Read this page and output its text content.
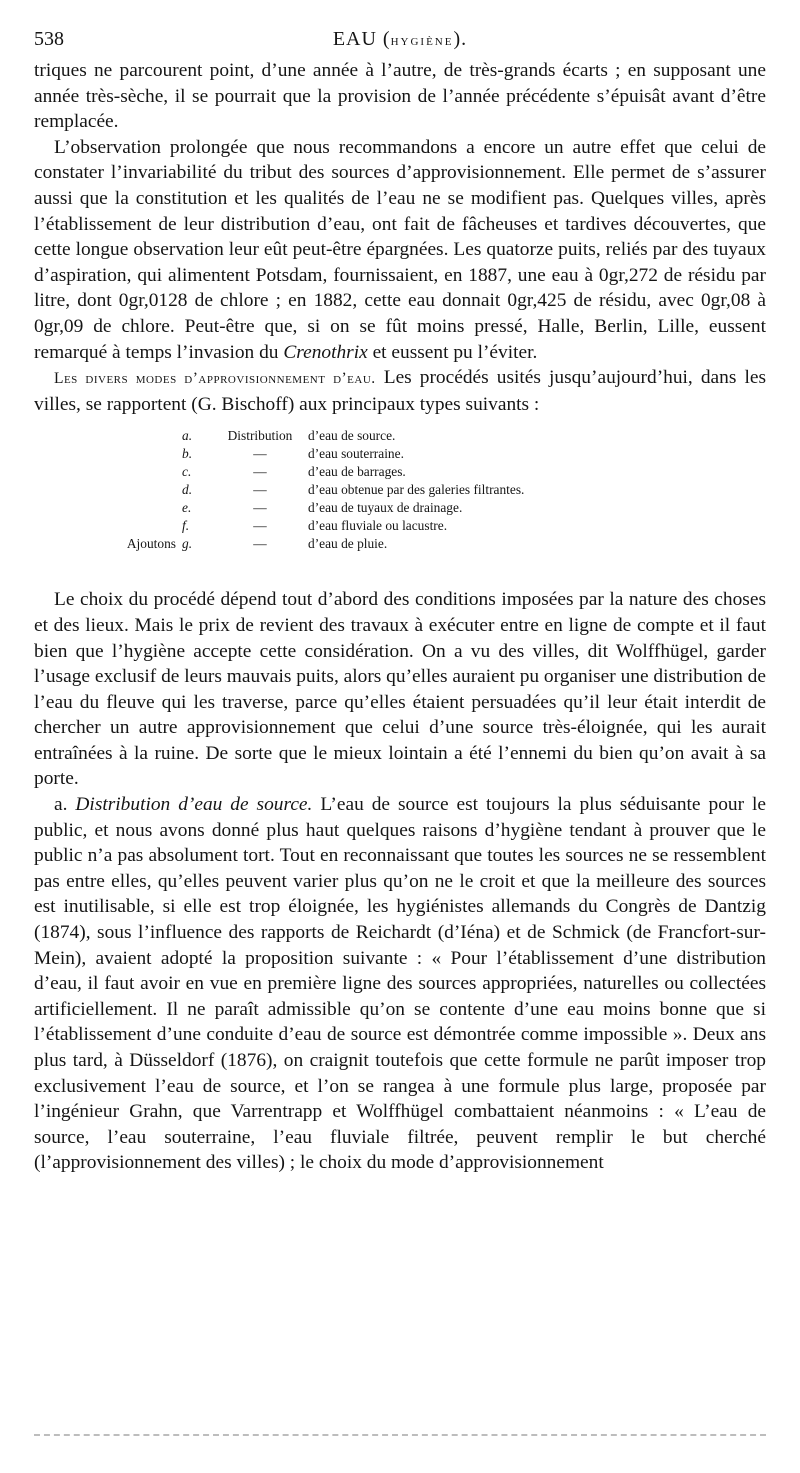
538	EAU (hygiène).

triques ne parcourent point, d’une année à l’autre, de très-grands écarts ; en supposant une année très-sèche, il se pourrait que la provision de l’année précédente s’épuisât avant d’être remplacée.

L’observation prolongée que nous recommandons a encore un autre effet que celui de constater l’invariabilité du tribut des sources d’approvisionnement. Elle permet de s’assurer aussi que la constitution et les qualités de l’eau ne se modifient pas. Quelques villes, après l’établissement de leur distribution d’eau, ont fait de fâcheuses et tardives découvertes, que cette longue observation leur eût peut-être épargnées. Les quatorze puits, reliés par des tuyaux d’aspiration, qui alimentent Potsdam, fournissaient, en 1887, une eau à 0gr,272 de résidu par litre, dont 0gr,0128 de chlore ; en 1882, cette eau donnait 0gr,425 de résidu, avec 0gr,08 à 0gr,09 de chlore. Peut-être que, si on se fût moins pressé, Halle, Berlin, Lille, eussent remarqué à temps l’invasion du Crenothrix et eussent pu l’éviter.

Les divers modes d’approvisionnement d’eau. Les procédés usités jusqu’aujourd’hui, dans les villes, se rapportent (G. Bischoff) aux principaux types suivants :

a.	Distribution	d’eau de source.
b.	—	d’eau souterraine.
c.	—	d’eau de barrages.
d.	—	d’eau obtenue par des galeries filtrantes.
e.	—	d’eau de tuyaux de drainage.
f.	—	d’eau fluviale ou lacustre.
Ajoutons g.	—	d’eau de pluie.

Le choix du procédé dépend tout d’abord des conditions imposées par la nature des choses et des lieux. Mais le prix de revient des travaux à exécuter entre en ligne de compte et il faut bien que l’hygiène accepte cette considération. On a vu des villes, dit Wolffhügel, garder l’usage exclusif de leurs mauvais puits, alors qu’elles auraient pu organiser une distribution de l’eau du fleuve qui les traverse, parce qu’elles étaient persuadées qu’il leur était interdit de chercher un autre approvisionnement que celui d’une source très-éloignée, qui les aurait entraînées à la ruine. De sorte que le mieux lointain a été l’ennemi du bien qu’on avait à sa porte.

a. Distribution d’eau de source. L’eau de source est toujours la plus séduisante pour le public, et nous avons donné plus haut quelques raisons d’hygiène tendant à prouver que le public n’a pas absolument tort. Tout en reconnaissant que toutes les sources ne se ressemblent pas entre elles, qu’elles peuvent varier plus qu’on ne le croit et que la meilleure des sources est inutilisable, si elle est trop éloignée, les hygiénistes allemands du Congrès de Dantzig (1874), sous l’influence des rapports de Reichardt (d’Iéna) et de Schmick (de Francfort-sur-Mein), avaient adopté la proposition suivante : « Pour l’établissement d’une distribution d’eau, il faut avoir en vue en première ligne des sources appropriées, naturelles ou collectées artificiellement. Il ne paraît admissible qu’on se contente d’une eau moins bonne que si l’établissement d’une conduite d’eau de source est démontrée comme impossible ». Deux ans plus tard, à Düsseldorf (1876), on craignit toutefois que cette formule ne parût imposer trop exclusivement l’eau de source, et l’on se rangea à une formule plus large, proposée par l’ingénieur Grahn, que Varrentrapp et Wolffhügel combattaient néanmoins : « L’eau de source, l’eau souterraine, l’eau fluviale filtrée, peuvent remplir le but cherché (l’approvisionnement des villes) ; le choix du mode d’approvisionnement
